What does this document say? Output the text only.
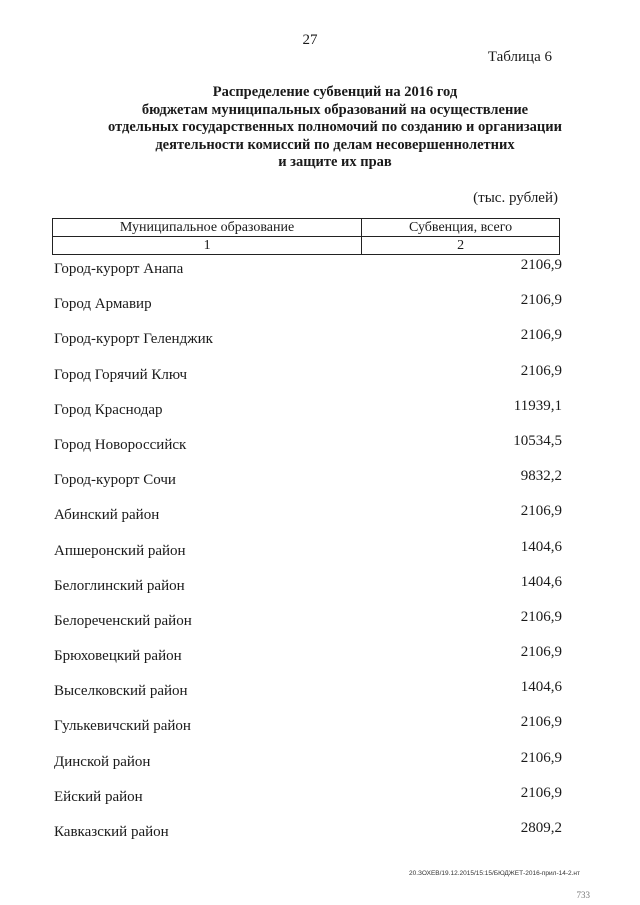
27
Таблица 6
Распределение субвенций на 2016 год
бюджетам муниципальных образований на осуществление
отдельных государственных полномочий по созданию и организации
деятельности комиссий по делам несовершеннолетних
и защите их прав
(тыс. рублей)
Муниципальное образование	Субвенция, всего
1	2
Город-курорт Анапа	2106,9
Город Армавир	2106,9
Город-курорт Геленджик	2106,9
Город Горячий Ключ	2106,9
Город Краснодар	11939,1
Город Новороссийск	10534,5
Город-курорт Сочи	9832,2
Абинский район	2106,9
Апшеронский район	1404,6
Белоглинский район	1404,6
Белореченский район	2106,9
Брюховецкий район	2106,9
Выселковский район	1404,6
Гулькевичский район	2106,9
Динской район	2106,9
Ейский район	2106,9
Кавказский район	2809,2
20.ЗОХЕВ/19.12.2015/15:15/БЮДЖЕТ-2016-прил-14-2.нт
733
